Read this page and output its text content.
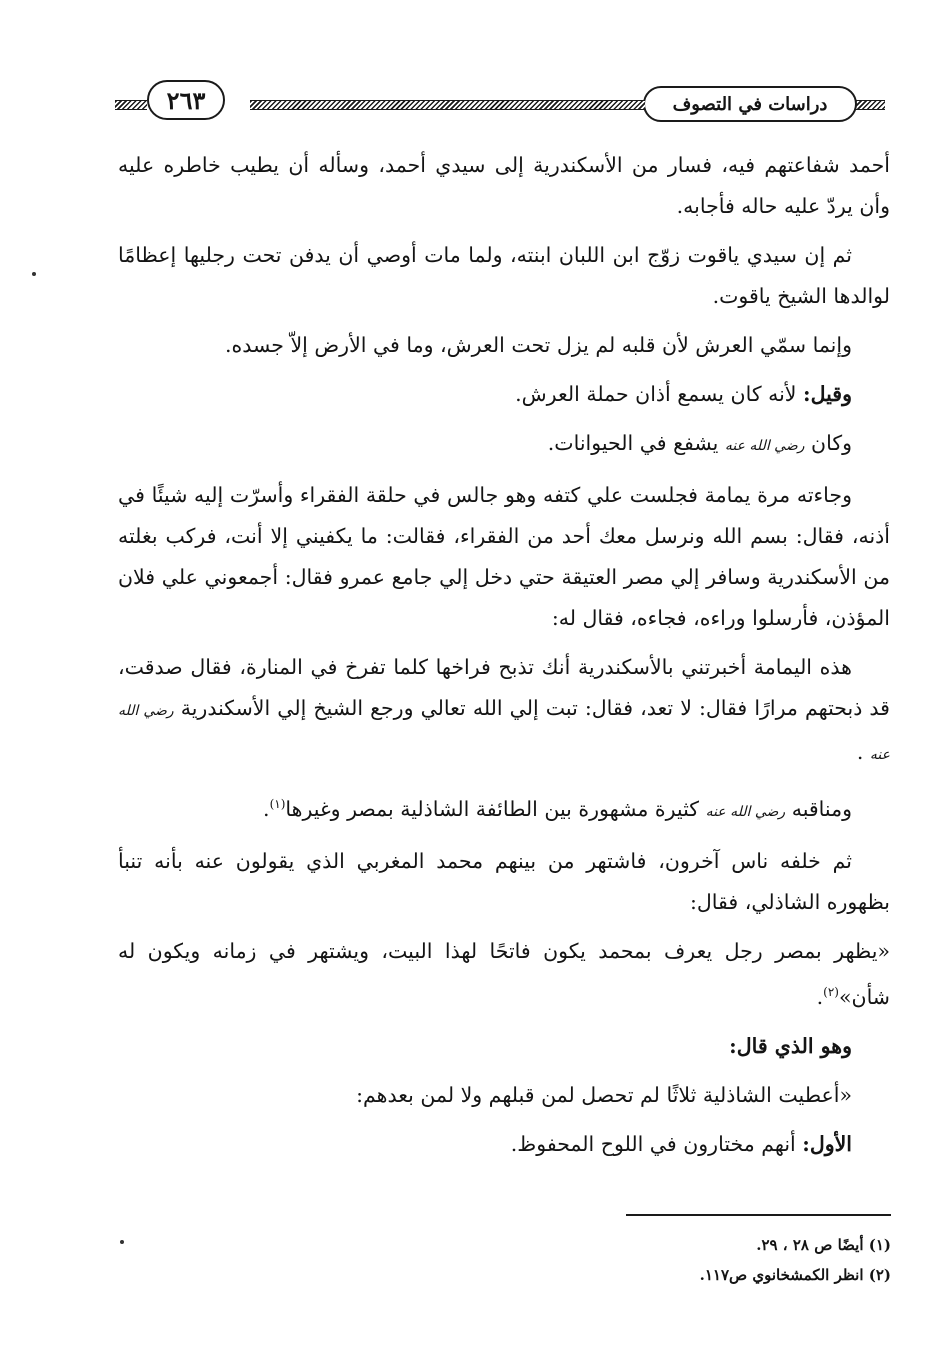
دراسات في التصوف
٢٦٣

أحمد شفاعتهم فيه، فسار من الأسكندرية إلى سيدي أحمد، وسأله أن يطيب خاطره عليه وأن يردّ عليه حاله فأجابه.

ثم إن سيدي ياقوت زوّج ابن اللبان ابنته، ولما مات أوصي أن يدفن تحت رجليها إعظامًا لوالدها الشيخ ياقوت.

وإنما سمّي العرش لأن قلبه لم يزل تحت العرش، وما في الأرض إلاّ جسده.

وقيل: لأنه كان يسمع أذان حملة العرش.

وكان رضي الله عنه يشفع في الحيوانات.

وجاءته مرة يمامة فجلست علي كتفه وهو جالس في حلقة الفقراء وأسرّت إليه شيئًا في أذنه، فقال: بسم الله ونرسل معك أحد من الفقراء، فقالت: ما يكفيني إلا أنت، فركب بغلته من الأسكندرية وسافر إلي مصر العتيقة حتي دخل إلي جامع عمرو فقال: أجمعوني علي فلان المؤذن، فأرسلوا وراءه، فجاءه، فقال له:

هذه اليمامة أخبرتني بالأسكندرية أنك تذبح فراخها كلما تفرخ في المنارة، فقال صدقت، قد ذبحتهم مرارًا فقال: لا تعد، فقال: تبت إلي الله تعالي ورجع الشيخ إلي الأسكندرية رضي الله عنه .

ومناقبه رضي الله عنه كثيرة مشهورة بين الطائفة الشاذلية بمصر وغيرها$^{(١)}$.

ثم خلفه ناس آخرون، فاشتهر من بينهم محمد المغربي الذي يقولون عنه بأنه تنبأ بظهوره الشاذلي، فقال:

«يظهر بمصر رجل يعرف بمحمد يكون فاتحًا لهذا البيت، ويشتهر في زمانه ويكون له شأن»$^{(٢)}$.

وهو الذي قال:

«أعطيت الشاذلية ثلاثًا لم تحصل لمن قبلهم ولا لمن بعدهم:

الأول: أنهم مختارون في اللوح المحفوظ.

(١) أيضًا ص ٢٨ ، ٢٩.

(٢) انظر الكمشخانوي ص١١٧.
